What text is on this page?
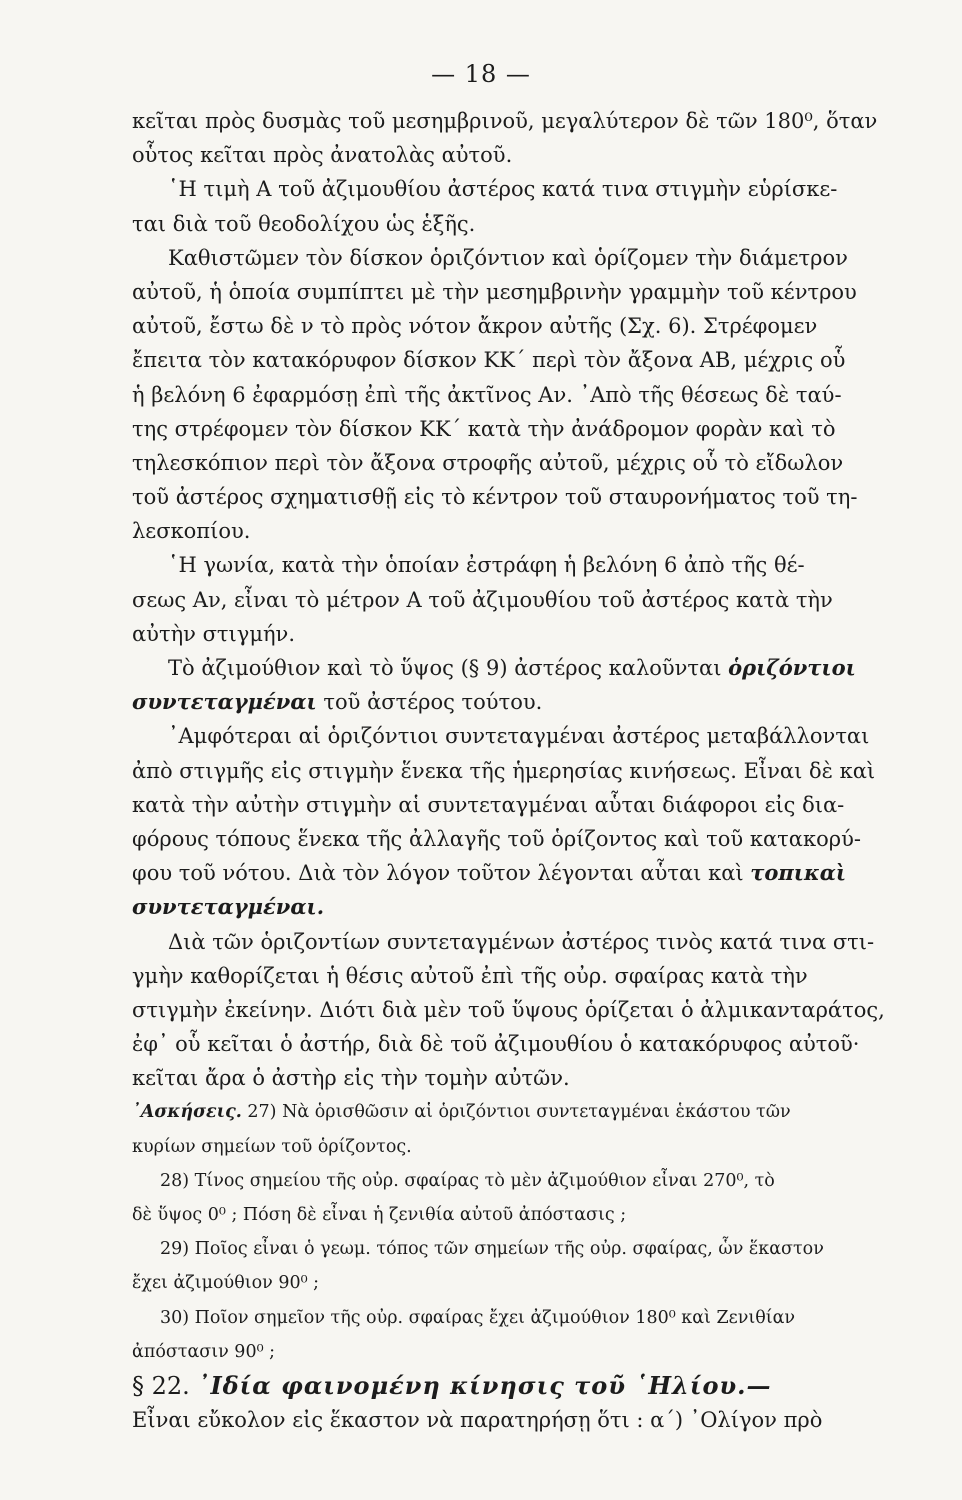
— 18 —
κεῖται πρὸς δυσμὰς τοῦ μεσημβρινοῦ, μεγαλύτερον δὲ τῶν 180⁰, ὅταν
οὗτος κεῖται πρὸς ἀνατολὰς αὐτοῦ.
῾Η τιμὴ A τοῦ ἀζιμουθίου ἀστέρος κατά τινα στιγμὴν εὑρίσκε-
ται διὰ τοῦ θεοδολίχου ὡς ἑξῆς.
Καθιστῶμεν τὸν δίσκον ὁριζόντιον καὶ ὁρίζομεν τὴν διάμετρον
αὐτοῦ, ἡ ὁποία συμπίπτει μὲ τὴν μεσημβρινὴν γραμμὴν τοῦ κέντρου
αὐτοῦ, ἔστω δὲ ν τὸ πρὸς νότον ἄκρον αὐτῆς (Σχ. 6). Στρέφομεν
ἔπειτα τὸν κατακόρυφον δίσκον ΚΚ΄ περὶ τὸν ἄξονα ΑΒ, μέχρις οὗ
ἡ βελόνη 6 ἐφαρμόσῃ ἐπὶ τῆς ἀκτῖνος Αν. ᾿Απὸ τῆς θέσεως δὲ ταύ-
της στρέφομεν τὸν δίσκον ΚΚ΄ κατὰ τὴν ἀνάδρομον φορὰν καὶ τὸ
τηλεσκόπιον περὶ τὸν ἄξονα στροφῆς αὐτοῦ, μέχρις οὗ τὸ εἴδωλον
τοῦ ἀστέρος σχηματισθῇ εἰς τὸ κέντρον τοῦ σταυρονήματος τοῦ τη-
λεσκοπίου.
῾Η γωνία, κατὰ τὴν ὁποίαν ἐστράφη ἡ βελόνη 6 ἀπὸ τῆς θέ-
σεως Αν, εἶναι τὸ μέτρον A τοῦ ἀζιμουθίου τοῦ ἀστέρος κατὰ τὴν
αὐτὴν στιγμήν.
Τὸ ἀζιμούθιον καὶ τὸ ὕψος (§ 9) ἀστέρος καλοῦνται ὁριζόντιοι
συντεταγμέναι τοῦ ἀστέρος τούτου.
᾿Αμφότεραι αἱ ὁριζόντιοι συντεταγμέναι ἀστέρος μεταβάλλονται
ἀπὸ στιγμῆς εἰς στιγμὴν ἕνεκα τῆς ἡμερησίας κινήσεως. Εἶναι δὲ καὶ
κατὰ τὴν αὐτὴν στιγμὴν αἱ συντεταγμέναι αὗται διάφοροι εἰς δια-
φόρους τόπους ἕνεκα τῆς ἀλλαγῆς τοῦ ὁρίζοντος καὶ τοῦ κατακορύ-
φου τοῦ νότου. Διὰ τὸν λόγον τοῦτον λέγονται αὗται καὶ τοπικαὶ
συντεταγμέναι.
Διὰ τῶν ὁριζοντίων συντεταγμένων ἀστέρος τινὸς κατά τινα στι-
γμὴν καθορίζεται ἡ θέσις αὐτοῦ ἐπὶ τῆς οὐρ. σφαίρας κατὰ τὴν
στιγμὴν ἐκείνην. Διότι διὰ μὲν τοῦ ὕψους ὁρίζεται ὁ ἀλμικανταράτος,
ἐφ᾿ οὗ κεῖται ὁ ἀστήρ, διὰ δὲ τοῦ ἀζιμουθίου ὁ κατακόρυφος αὐτοῦ·
κεῖται ἄρα ὁ ἀστὴρ εἰς τὴν τομὴν αὐτῶν.
᾿Ασκήσεις. 27) Νὰ ὁρισθῶσιν αἱ ὁριζόντιοι συντεταγμέναι ἑκάστου τῶν
κυρίων σημείων τοῦ ὁρίζοντος.
28) Τίνος σημείου τῆς οὐρ. σφαίρας τὸ μὲν ἀζιμούθιον εἶναι 270⁰, τὸ
δὲ ὕψος 0⁰ ; Πόση δὲ εἶναι ἡ ζενιθία αὐτοῦ ἀπόστασις ;
29) Ποῖος εἶναι ὁ γεωμ. τόπος τῶν σημείων τῆς οὐρ. σφαίρας, ὧν ἕκαστον
ἔχει ἀζιμούθιον 90⁰ ;
30) Ποῖον σημεῖον τῆς οὐρ. σφαίρας ἔχει ἀζιμούθιον 180⁰ καὶ Ζενιθίαν
ἀπόστασιν 90⁰ ;
§ 22. ᾿Ιδία φαινομένη κίνησις τοῦ ῾Ηλίου.—
Εἶναι εὔκολον εἰς ἕκαστον νὰ παρατηρήσῃ ὅτι : α΄) ᾿Ολίγον πρὸ
